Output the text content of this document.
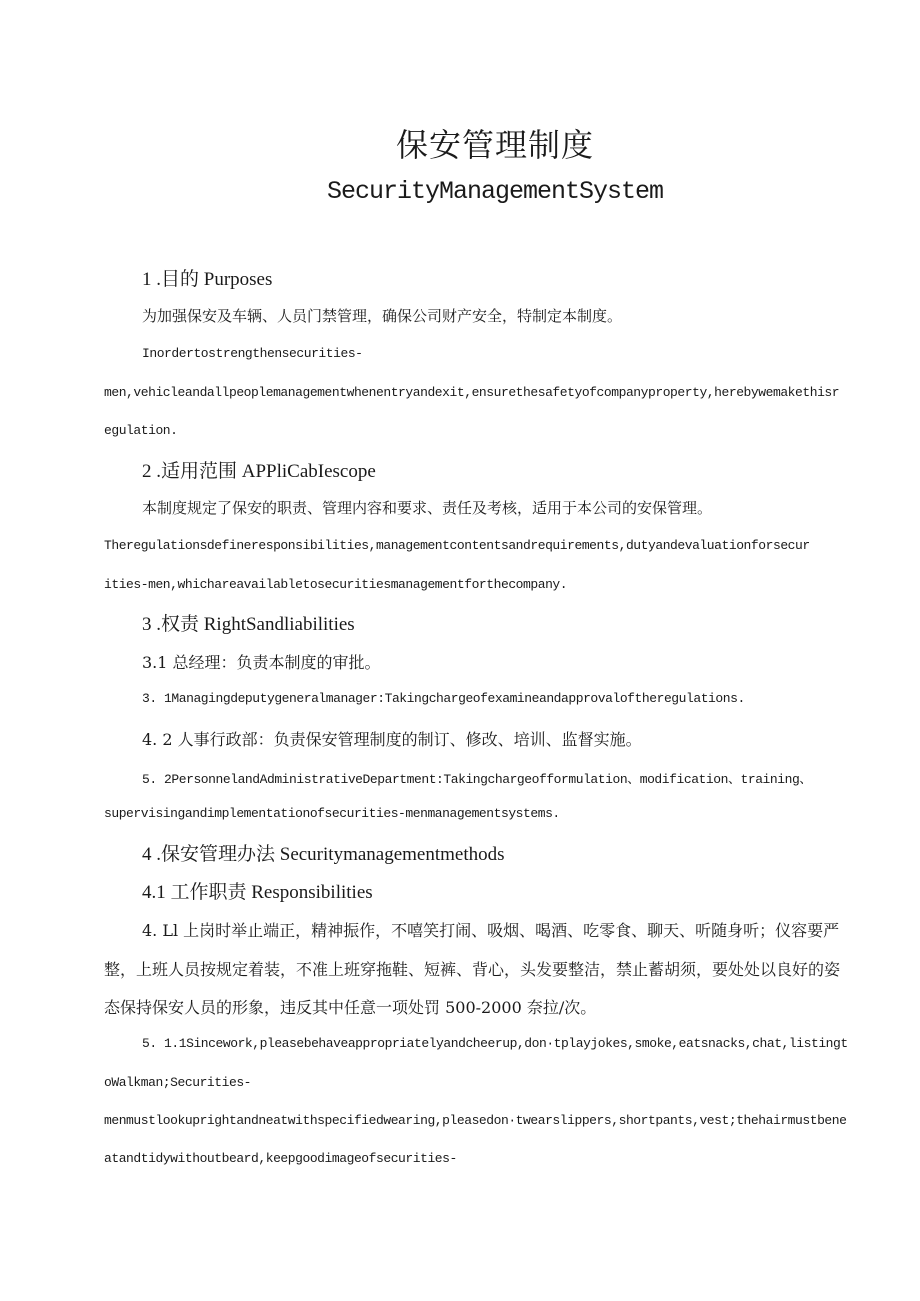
保安管理制度
SecurityManagementSystem
1 .目的 Purposes
为加强保安及车辆、人员门禁管理，确保公司财产安全，特制定本制度。
Inordertostrengthensecurities-
men,vehicleandallpeoplemanagementwhenentryandexit,ensurethesafetyofcompanyproperty,herebywemakethisr
egulation.
2 .适用范围 APPliCabIescope
本制度规定了保安的职责、管理内容和要求、责任及考核，适用于本公司的安保管理。
Theregulationsdefineresponsibilities,managementcontentsandrequirements,dutyandevaluationforsecur
ities-men,whichareavailabletosecuritiesmanagementforthecompany.
3 .权责 RightSandliabilities
3.1 总经理：负责本制度的审批。
3. 1Managingdeputygeneralmanager:Takingchargeofexamineandapprovaloftheregulations.
4. 2 人事行政部：负责保安管理制度的制订、修改、培训、监督实施。
5. 2PersonnelandAdministrativeDepartment:Takingchargeofformulation、modification、training、
supervisingandimplementationofsecurities-menmanagementsystems.
4 .保安管理办法 Securitymanagementmethods
4.1 工作职责 Responsibilities
4. Ll 上岗时举止端正，精神振作，不嘻笑打闹、吸烟、喝酒、吃零食、聊天、听随身听；仪容要严
整，上班人员按规定着装，不准上班穿拖鞋、短裤、背心，头发要整洁，禁止蓄胡须，要处处以良好的姿
态保持保安人员的形象，违反其中任意一项处罚 500-2000 奈拉/次。
5. 1.1Sincework,pleasebehaveappropriatelyandcheerup,don·tplayjokes,smoke,eatsnacks,chat,listingt
oWalkman;Securities-
menmustlookuprightandneatwithspecifiedwearing,pleasedon·twearslippers,shortpants,vest;thehairmustbene
atandtidywithoutbeard,keepgoodimageofsecurities-
